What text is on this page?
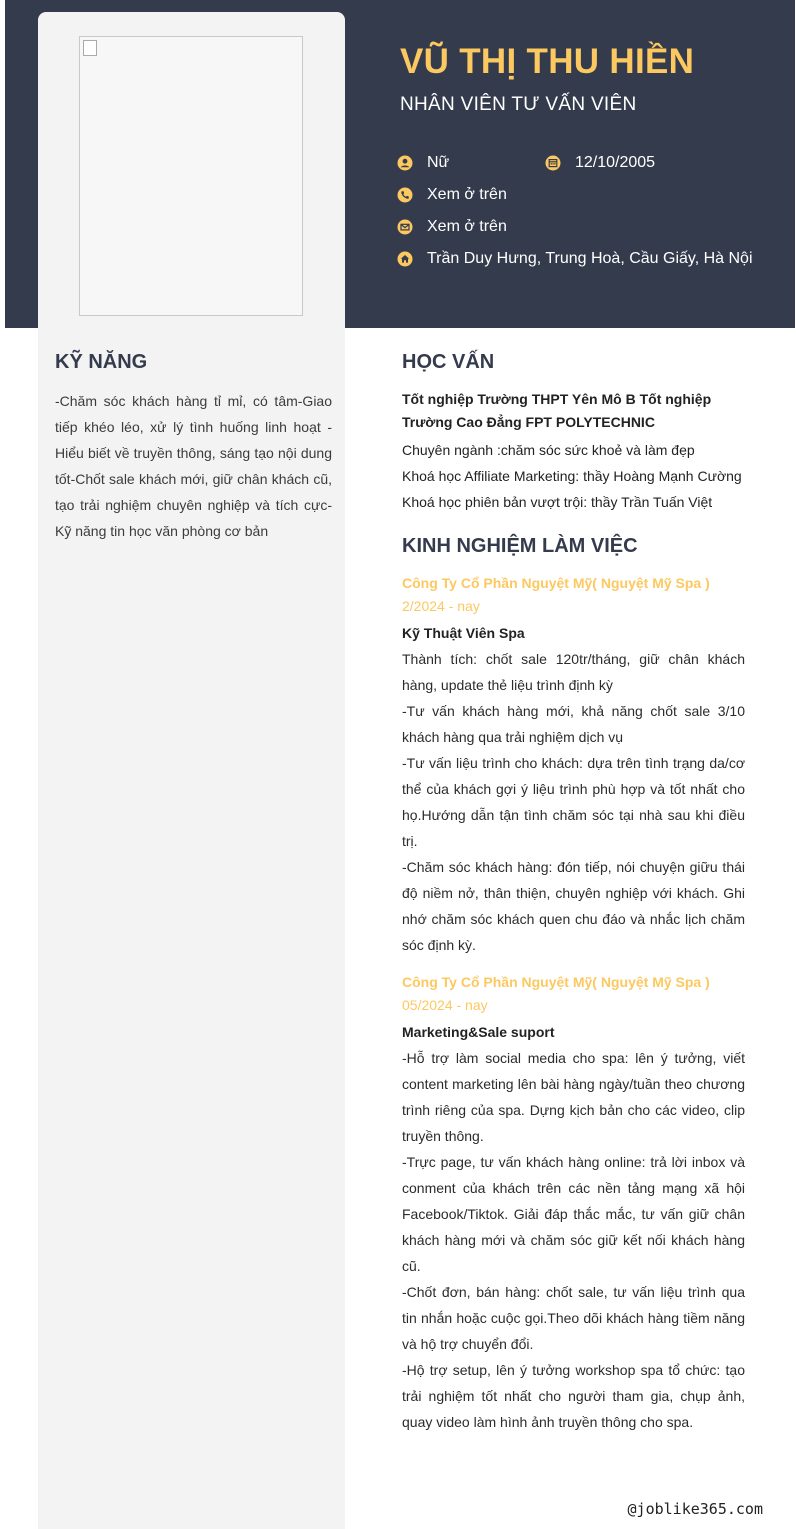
VŨ THỊ THU HIỀN
NHÂN VIÊN TƯ VẤN VIÊN
Nữ	12/10/2005
Xem ở trên
Xem ở trên
Trần Duy Hưng, Trung Hoà, Cầu Giấy, Hà Nội
KỸ NĂNG
-Chăm sóc khách hàng tỉ mỉ, có tâm-Giao tiếp khéo léo, xử lý tình huống linh hoạt -Hiểu biết về truyền thông, sáng tạo nội dung tốt-Chốt sale khách mới, giữ chân khách cũ, tạo trải nghiệm chuyên nghiệp và tích cực-Kỹ năng tin học văn phòng cơ bản
HỌC VẤN
Tốt nghiệp Trường THPT Yên Mô B Tốt nghiệp Trường Cao Đẳng FPT POLYTECHNIC
Chuyên ngành :chăm sóc sức khoẻ và làm đẹp
Khoá học Affiliate Marketing: thầy Hoàng Mạnh Cường
Khoá học phiên bản vượt trội: thầy Trần Tuấn Việt
KINH NGHIỆM LÀM VIỆC
Công Ty Cổ Phần Nguyệt Mỹ( Nguyệt Mỹ Spa )
2/2024 - nay
Kỹ Thuật Viên Spa

Thành tích: chốt sale 120tr/tháng, giữ chân khách hàng, update thẻ liệu trình định kỳ

-Tư vấn khách hàng mới, khả năng chốt sale 3/10 khách hàng qua trải nghiệm dịch vụ

-Tư vấn liệu trình cho khách: dựa trên tình trạng da/cơ thể của khách gợi ý liệu trình phù hợp và tốt nhất cho họ.Hướng dẫn tận tình chăm sóc tại nhà sau khi điều trị.

-Chăm sóc khách hàng: đón tiếp, nói chuyện giữu thái độ niềm nở, thân thiện, chuyên nghiệp với khách. Ghi nhớ chăm sóc khách quen chu đáo và nhắc lịch chăm sóc định kỳ.

Công Ty Cổ Phần Nguyệt Mỹ( Nguyệt Mỹ Spa )
05/2024 - nay
Marketing&Sale suport

-Hỗ trợ làm social media cho spa: lên ý tưởng, viết content marketing lên bài hàng ngày/tuần theo chương trình riêng của spa. Dựng kịch bản cho các video, clip truyền thông.

-Trực page, tư vấn khách hàng online: trả lời inbox và conment của khách trên các nền tảng mạng xã hội Facebook/Tiktok. Giải đáp thắc mắc, tư vấn giữ chân khách hàng mới và chăm sóc giữ kết nối khách hàng cũ.

-Chốt đơn, bán hàng: chốt sale, tư vấn liệu trình qua tin nhắn hoặc cuộc gọi.Theo dõi khách hàng tiềm năng và hộ trợ chuyển đổi.

-Hộ trợ setup, lên ý tưởng workshop spa tổ chức: tạo trải nghiệm tốt nhất cho người tham gia, chụp ảnh, quay video làm hình ảnh truyền thông cho spa.

@joblike365.com
